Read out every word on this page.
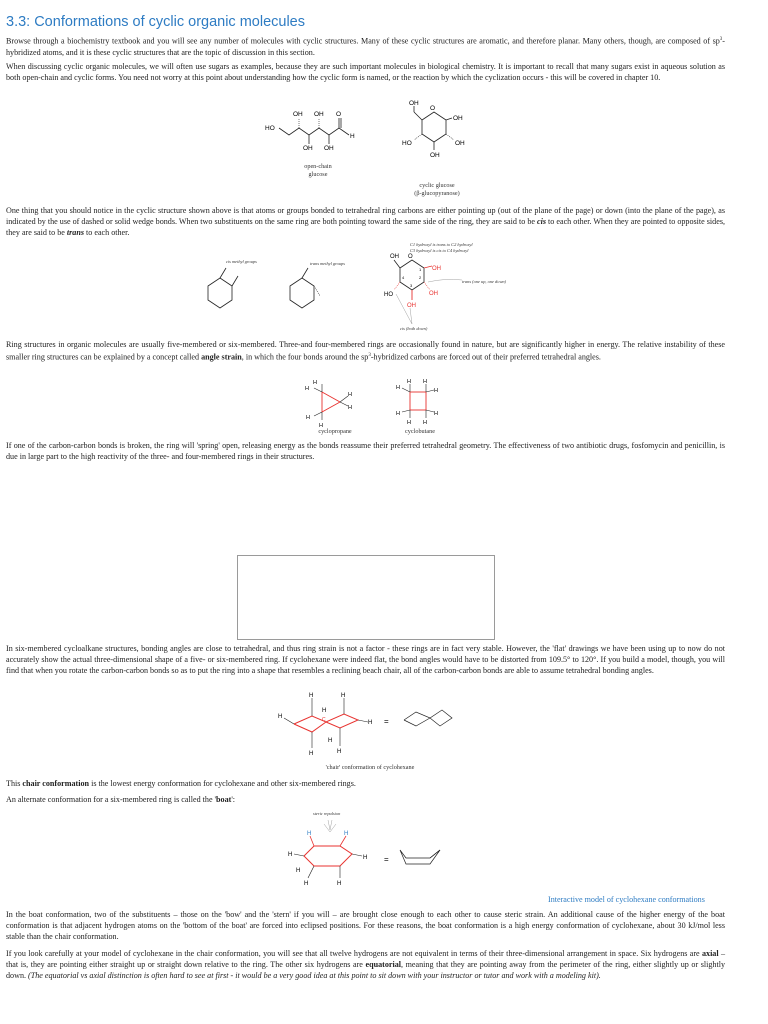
3.3: Conformations of cyclic organic molecules

Browse through a biochemistry textbook and you will see any number of molecules with cyclic structures. Many of these cyclic structures are aromatic, and therefore planar. Many others, though, are composed of $sp^3$-hybridized atoms, and it is these cyclic structures that are the topic of discussion in this section.

When discussing cyclic organic molecules, we will often use sugars as examples, because they are such important molecules in biological chemistry. It is important to recall that many sugars exist in aqueous solution as both open-chain and cyclic forms. You need not worry at this point about understanding how the cyclic form is named, or the reaction by which the cyclization occurs - this will be covered in chapter 10.

HO
OH OH O
H
OH OH
OH
O
OH
HO	OH
OH
open-chain
glucose
cyclic glucose
(β-glucopyranose)

One thing that you should notice in the cyclic structure shown above is that atoms or groups bonded to tetrahedral ring carbons are either pointing up (out of the plane of the page) or down (into the plane of the page), as indicated by the use of dashed or solid wedge bonds. When two substituents on the same ring are both pointing toward the same side of the ring, they are said to be cis to each other. When they are pointed to opposite sides, they are said to be trans to each other.

cis methyl groups	trans methyl groups
C1 hydroxyl is trans to C2 hydroxyl
C3 hydroxyl is cis to C4 hydroxyl
trans (one up, one down)
cis (both down)
OH O
OH
HO	OH
OH
4	2
3
1

Ring structures in organic molecules are usually five-membered or six-membered. Three-and four-membered rings are occasionally found in nature, but are significantly higher in energy. The relative instability of these smaller ring structures can be explained by a concept called angle strain, in which the four bonds around the $sp^3$-hybridized carbons are forced out of their preferred tetrahedral angles.

H
H
H
H
H
H
H H
H	H
H	H
H H
cyclopropane	cyclobutane

If one of the carbon-carbon bonds is broken, the ring will 'spring' open, releasing energy as the bonds reassume their preferred tetrahedral geometry. The effectiveness of two antibiotic drugs, fosfomycin and penicillin, is due in large part to the high reactivity of the three- and four-membered rings in their structures.

In six-membered cycloalkane structures, bonding angles are close to tetrahedral, and thus ring strain is not a factor - these rings are in fact very stable. However, the 'flat' drawings we have been using up to now do not accurately show the actual three-dimensional shape of a five- or six-membered ring. If cyclohexane were indeed flat, the bond angles would have to be distorted from 109.5° to 120°. If you build a model, though, you will find that when you rotate the carbon-carbon bonds so as to put the ring into a shape that resembles a reclining beach chair, all of the carbon-carbon bonds are able to assume tetrahedral bonding angles.

H	H
H
H
H	H
H
H
C	=
'chair' conformation of cyclohexane

This chair conformation is the lowest energy conformation for cyclohexane and other six-membered rings.

An alternate conformation for a six-membered ring is called the 'boat':

steric repulsion
H	H
H	H
H	H
H
=
Interactive model of cyclohexane conformations

In the boat conformation, two of the substituents – those on the 'bow' and the 'stern' if you will – are brought close enough to each other to cause steric strain. An additional cause of the higher energy of the boat conformation is that adjacent hydrogen atoms on the 'bottom of the boat' are forced into eclipsed positions. For these reasons, the boat conformation is a high energy conformation of cyclohexane, about 30 kJ/mol less stable than the chair conformation.

If you look carefully at your model of cyclohexane in the chair conformation, you will see that all twelve hydrogens are not equivalent in terms of their three-dimensional arrangement in space. Six hydrogens are axial – that is, they are pointing either straight up or straight down relative to the ring. The other six hydrogens are equatorial, meaning that they are pointing away from the perimeter of the ring, either slightly up or slightly down. (The equatorial vs axial distinction is often hard to see at first - it would be a very good idea at this point to sit down with your instructor or tutor and work with a modeling kit).
